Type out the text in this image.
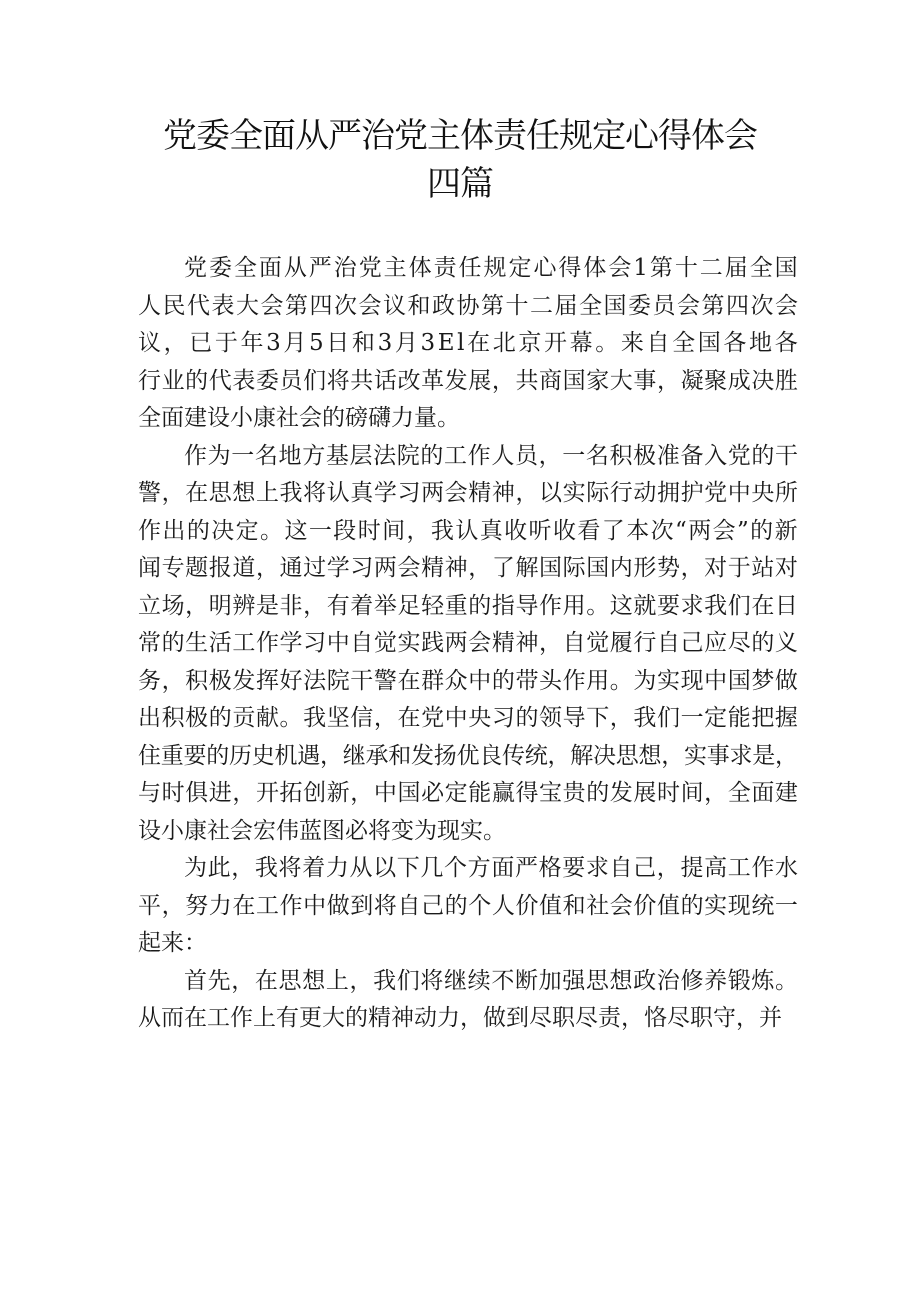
党委全面从严治党主体责任规定心得体会
四篇
党委全面从严治党主体责任规定心得体会1第十二届全国
人民代表大会第四次会议和政协第十二届全国委员会第四次会
议，已于年3月5日和3月3El在北京开幕。来自全国各地各
行业的代表委员们将共话改革发展，共商国家大事，凝聚成决胜
全面建设小康社会的磅礴力量。
作为一名地方基层法院的工作人员，一名积极准备入党的干
警，在思想上我将认真学习两会精神，以实际行动拥护党中央所
作出的决定。这一段时间，我认真收听收看了本次“两会”的新
闻专题报道，通过学习两会精神，了解国际国内形势，对于站对
立场，明辨是非，有着举足轻重的指导作用。这就要求我们在日
常的生活工作学习中自觉实践两会精神，自觉履行自己应尽的义
务，积极发挥好法院干警在群众中的带头作用。为实现中国梦做
出积极的贡献。我坚信，在党中央习的领导下，我们一定能把握
住重要的历史机遇，继承和发扬优良传统，解决思想，实事求是，
与时俱进，开拓创新，中国必定能赢得宝贵的发展时间，全面建
设小康社会宏伟蓝图必将变为现实。
为此，我将着力从以下几个方面严格要求自己，提高工作水
平，努力在工作中做到将自己的个人价值和社会价值的实现统一
起来：
首先，在思想上，我们将继续不断加强思想政治修养锻炼。
从而在工作上有更大的精神动力，做到尽职尽责，恪尽职守，并
